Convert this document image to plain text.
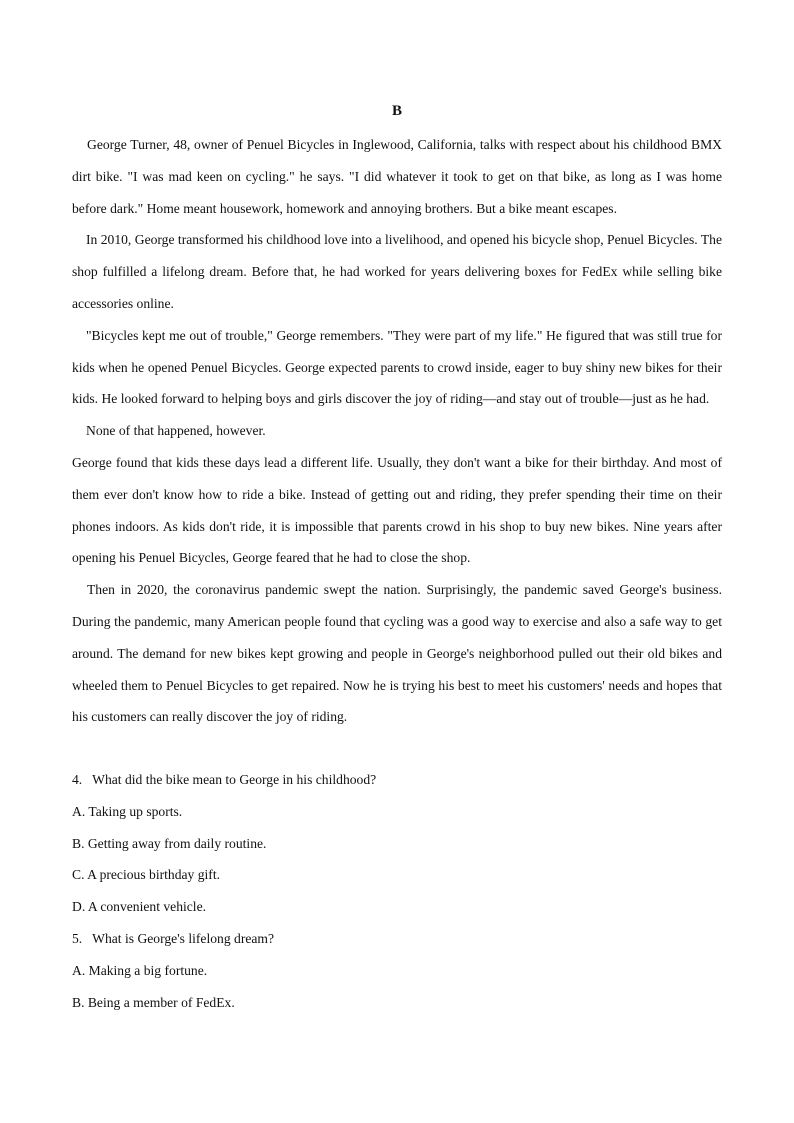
B

George Turner, 48, owner of Penuel Bicycles in Inglewood, California, talks with respect about his childhood BMX dirt bike. "I was mad keen on cycling." he says. "I did whatever it took to get on that bike, as long as I was home before dark." Home meant housework, homework and annoying brothers. But a bike meant escapes.

In 2010, George transformed his childhood love into a livelihood, and opened his bicycle shop, Penuel Bicycles. The shop fulfilled a lifelong dream. Before that, he had worked for years delivering boxes for FedEx while selling bike accessories online.

"Bicycles kept me out of trouble," George remembers. "They were part of my life." He figured that was still true for kids when he opened Penuel Bicycles. George expected parents to crowd inside, eager to buy shiny new bikes for their kids. He looked forward to helping boys and girls discover the joy of riding—and stay out of trouble—just as he had.

None of that happened, however.

George found that kids these days lead a different life. Usually, they don't want a bike for their birthday. And most of them ever don't know how to ride a bike. Instead of getting out and riding, they prefer spending their time on their phones indoors. As kids don't ride, it is impossible that parents crowd in his shop to buy new bikes. Nine years after opening his Penuel Bicycles, George feared that he had to close the shop.

Then in 2020, the coronavirus pandemic swept the nation. Surprisingly, the pandemic saved George's business. During the pandemic, many American people found that cycling was a good way to exercise and also a safe way to get around. The demand for new bikes kept growing and people in George's neighborhood pulled out their old bikes and wheeled them to Penuel Bicycles to get repaired. Now he is trying his best to meet his customers' needs and hopes that his customers can really discover the joy of riding.

4.   What did the bike mean to George in his childhood?

A. Taking up sports.

B. Getting away from daily routine.

C. A precious birthday gift.

D. A convenient vehicle.

5.   What is George's lifelong dream?

A. Making a big fortune.

B. Being a member of FedEx.
